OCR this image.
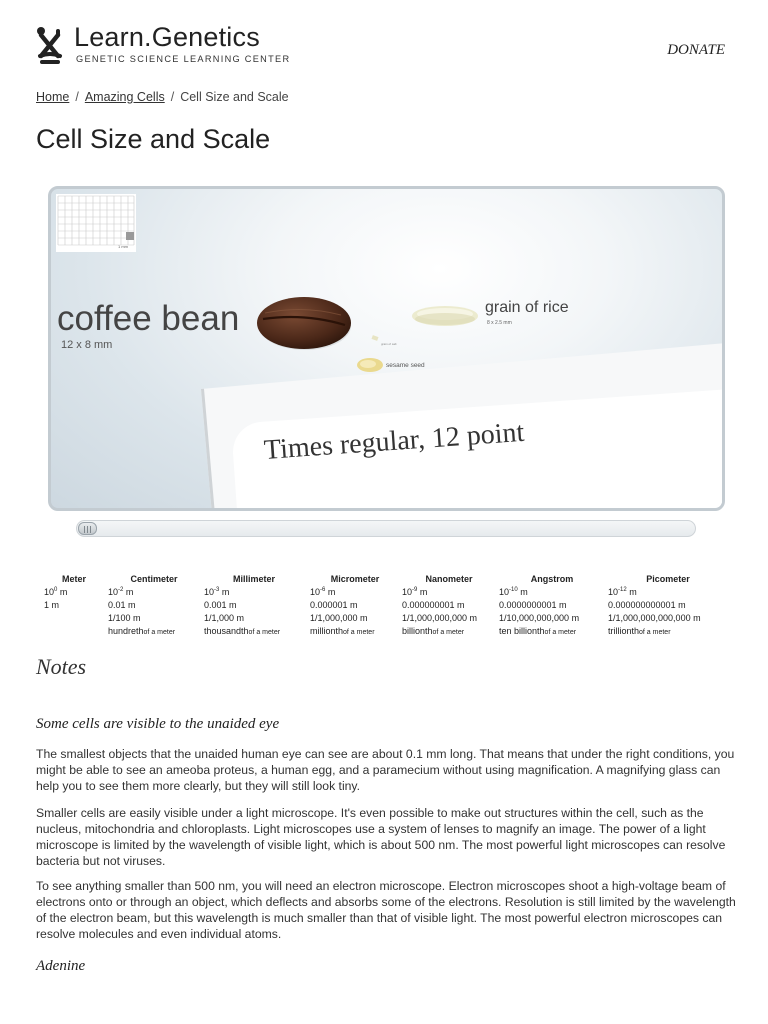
Learn.Genetics
GENETIC SCIENCE LEARNING CENTER
DONATE
Home / Amazing Cells / Cell Size and Scale
Cell Size and Scale
1 mm
Times regular, 12 point
coffee bean
12 x 8 mm
grain of rice
8 x 2.5 mm
grain of salt
sesame seed
Meter
$10^0$ m
1 m
Centimeter
$10^{-2}$ m
0.01 m
1/100 m
hundrethof a meter
Millimeter
$10^{-3}$ m
0.001 m
1/1,000 m
thousandthof a meter
Micrometer
$10^{-6}$ m
0.000001 m
1/1,000,000 m
millionthof a meter
Nanometer
$10^{-9}$ m
0.000000001 m
1/1,000,000,000 m
billionthof a meter
Angstrom
$10^{-10}$ m
0.0000000001 m
1/10,000,000,000 m
ten billionthof a meter
Picometer
$10^{-12}$ m
0.000000000001 m
1/1,000,000,000,000 m
trillionthof a meter
Notes
Some cells are visible to the unaided eye

The smallest objects that the unaided human eye can see are about 0.1 mm long. That means that under the right conditions, you might be able to see an ameoba proteus, a human egg, and a paramecium without using magnification. A magnifying glass can help you to see them more clearly, but they will still look tiny.

Smaller cells are easily visible under a light microscope. It's even possible to make out structures within the cell, such as the nucleus, mitochondria and chloroplasts. Light microscopes use a system of lenses to magnify an image. The power of a light microscope is limited by the wavelength of visible light, which is about 500 nm. The most powerful light microscopes can resolve bacteria but not viruses.

To see anything smaller than 500 nm, you will need an electron microscope. Electron microscopes shoot a high-voltage beam of electrons onto or through an object, which deflects and absorbs some of the electrons. Resolution is still limited by the wavelength of the electron beam, but this wavelength is much smaller than that of visible light. The most powerful electron microscopes can resolve molecules and even individual atoms.

Adenine
